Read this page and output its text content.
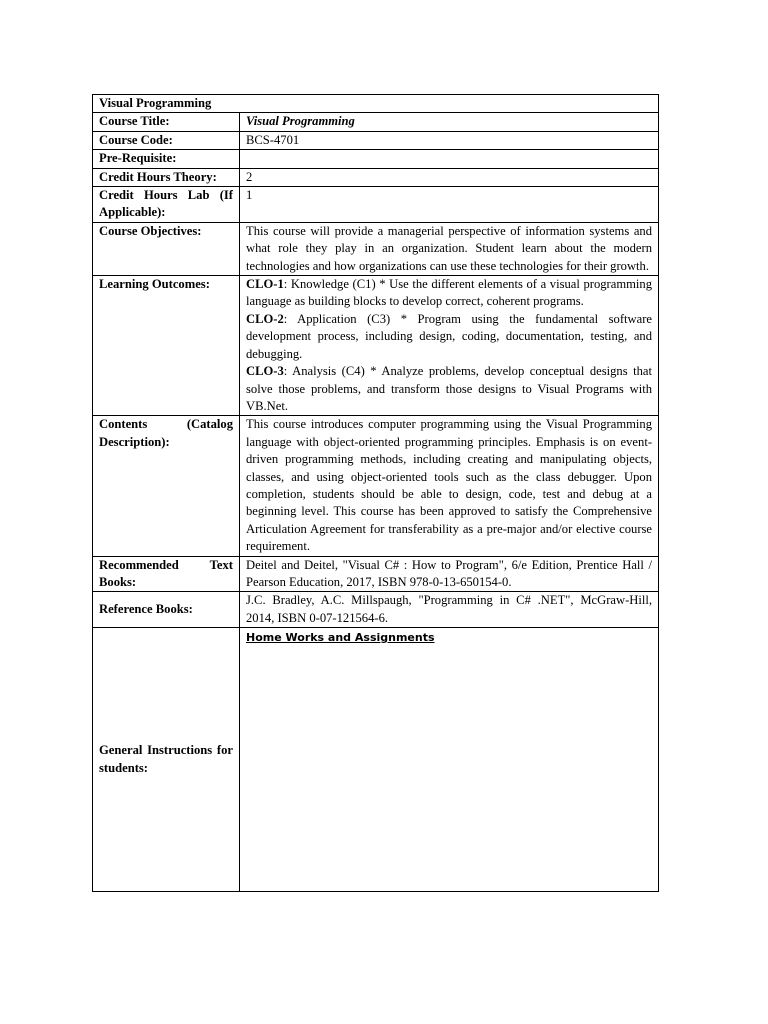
Visual Programming	
Course Title:	Visual Programming
Course Code:	BCS-4701
Pre-Requisite:	
Credit Hours Theory:	2
Credit Hours Lab (If Applicable):	1
Course Objectives:	This course will provide a managerial perspective of information systems and what role they play in an organization. Student learn about the modern technologies and how organizations can use these technologies for their growth.
Learning Outcomes:	CLO-1: Knowledge (C1) * Use the different elements of a visual programming language as building blocks to develop correct, coherent programs.
CLO-2: Application (C3) * Program using the fundamental software development process, including design, coding, documentation, testing, and debugging.
CLO-3: Analysis (C4) * Analyze problems, develop conceptual designs that solve those problems, and transform those designs to Visual Programs with VB.Net.

Contents (Catalog Description):	This course introduces computer programming using the Visual Programming language with object-oriented programming principles. Emphasis is on event-driven programming methods, including creating and manipulating objects, classes, and using object-oriented tools such as the class debugger. Upon completion, students should be able to design, code, test and debug at a beginning level. This course has been approved to satisfy the Comprehensive Articulation Agreement for transferability as a pre-major and/or elective course requirement.
Recommended Text Books:	Deitel and Deitel, "Visual C# : How to Program", 6/e Edition, Prentice Hall / Pearson Education, 2017, ISBN 978-0-13-650154-0.
Reference Books:	J.C. Bradley, A.C. Millspaugh, "Programming in C# .NET", McGraw-Hill, 2014, ISBN 0-07-121564-6.
General Instructions for students:	Home Works and Assignments
